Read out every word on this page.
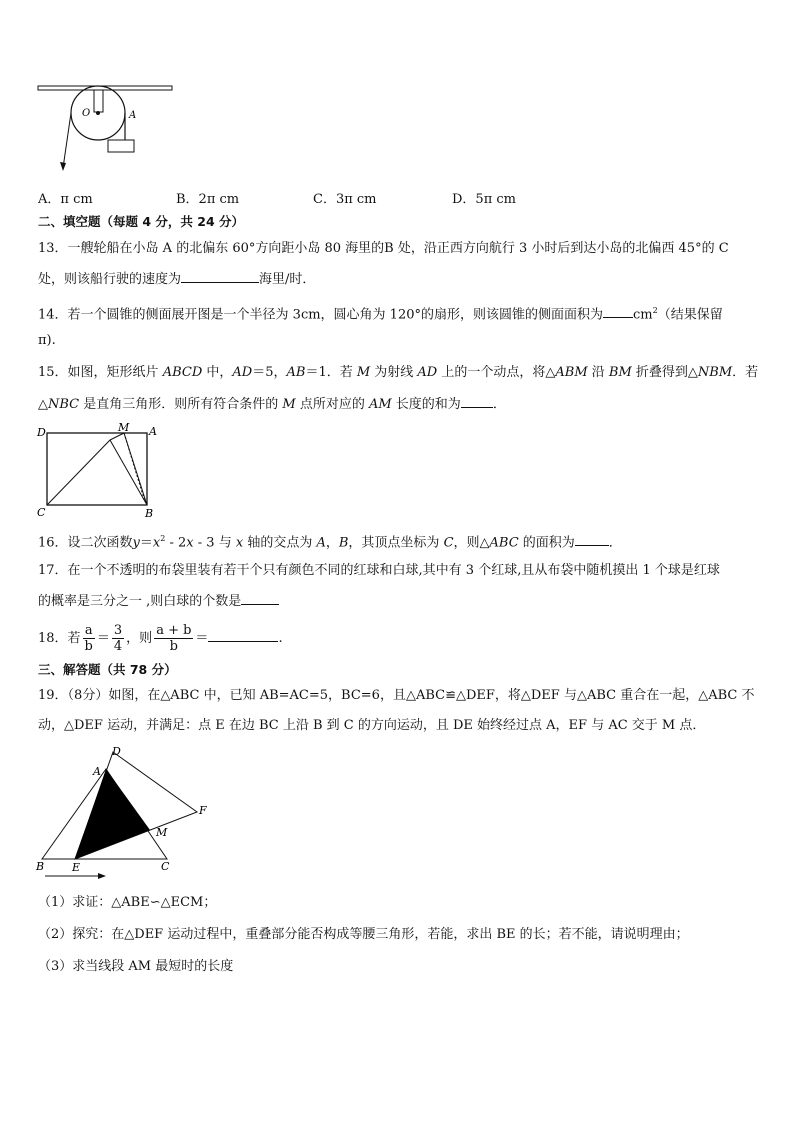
O	A
A．π cm	B．2π cm	C．3π cm	D．5π cm
二、填空题（每题 4 分，共 24 分）
13．一艘轮船在小岛 A 的北偏东 60°方向距小岛 80 海里的B 处，沿正西方向航行 3 小时后到达小岛的北偏西 45°的 C
处，则该船行驶的速度为	海里/时．
14．若一个圆锥的侧面展开图是一个半径为 3cm，圆心角为 120°的扇形，则该圆锥的侧面面积为 $cm^2$（结果保留
π).
15．如图，矩形纸片 ABCD 中，AD＝5，AB＝1．若 M 为射线 AD 上的一个动点，将△ABM 沿 BM 折叠得到△NBM．若
△NBC 是直角三角形．则所有符合条件的 M 点所对应的 AM 长度的和为 ．
D	M A
C	B
16．设二次函数$y=x^2 - 2x - 3$ 与 x 轴的交点为 A，B，其顶点坐标为 C，则△ABC 的面积为	．
17．在一个不透明的布袋里装有若干个只有颜色不同的红球和白球,其中有 3 个红球,且从布袋中随机摸出 1 个球是红球
的概率是三分之一 ,则白球的个数是
18．若 $\frac{a}{b} = \frac{3}{4}$ ，则 $\frac{a + b}{b}$ ＝	.
三、解答题（共 78 分）
19．（8分）如图，在△ABC 中，已知 AB=AC=5，BC=6，且△ABC≌△DEF，将△DEF 与△ABC 重合在一起，△ABC 不
动，△DEF 运动，并满足：点 E 在边 BC 上沿 B 到 C 的方向运动，且 DE 始终经过点 A，EF 与 AC 交于 M 点．
D
A
F
M
B	E	C
（1）求证：△ABE∽△ECM；
（2）探究：在△DEF 运动过程中，重叠部分能否构成等腰三角形，若能，求出 BE 的长；若不能，请说明理由；
（3）求当线段 AM 最短时的长度
